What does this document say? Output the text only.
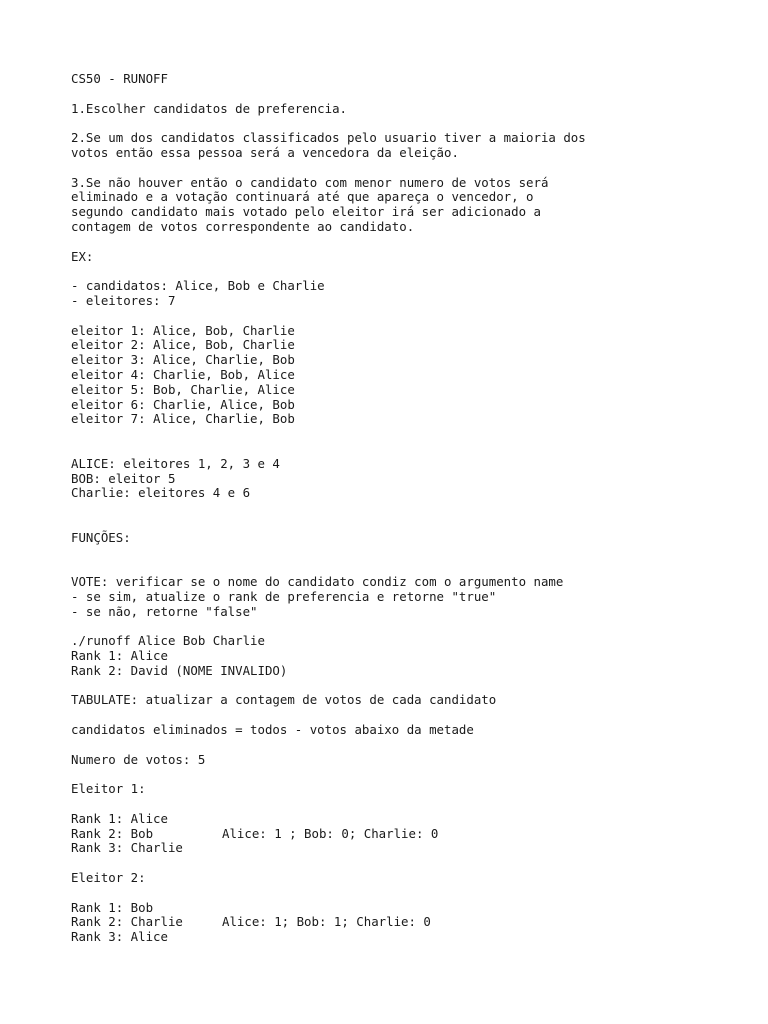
CS50 - RUNOFF
1.Escolher candidatos de preferencia.
2.Se um dos candidatos classificados pelo usuario tiver a maioria dos
votos então essa pessoa será a vencedora da eleição.
3.Se não houver então o candidato com menor numero de votos será
eliminado e a votação continuará até que apareça o vencedor, o
segundo candidato mais votado pelo eleitor irá ser adicionado a
contagem de votos correspondente ao candidato.
EX:
- candidatos: Alice, Bob e Charlie
- eleitores: 7
eleitor 1: Alice, Bob, Charlie
eleitor 2: Alice, Bob, Charlie
eleitor 3: Alice, Charlie, Bob
eleitor 4: Charlie, Bob, Alice
eleitor 5: Bob, Charlie, Alice
eleitor 6: Charlie, Alice, Bob
eleitor 7: Alice, Charlie, Bob
ALICE: eleitores 1, 2, 3 e 4
BOB: eleitor 5
Charlie: eleitores 4 e 6
FUNÇÕES:
VOTE: verificar se o nome do candidato condiz com o argumento name
- se sim, atualize o rank de preferencia e retorne "true"
- se não, retorne "false"
./runoff Alice Bob Charlie
Rank 1: Alice
Rank 2: David (NOME INVALIDO)
TABULATE: atualizar a contagem de votos de cada candidato
candidatos eliminados = todos - votos abaixo da metade
Numero de votos: 5
Eleitor 1:
Rank 1: Alice
Rank 2: Bob	Alice: 1 ; Bob: 0; Charlie: 0
Rank 3: Charlie
Eleitor 2:
Rank 1: Bob
Rank 2: Charlie	Alice: 1; Bob: 1; Charlie: 0
Rank 3: Alice
